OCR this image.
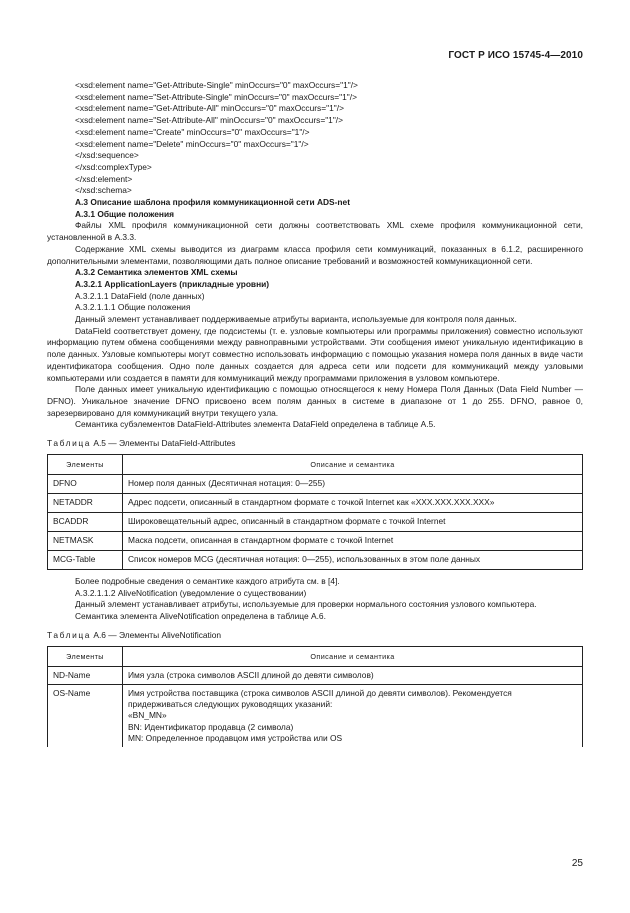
ГОСТ Р ИСО 15745-4—2010
<xsd:element name="Get-Attribute-Single" minOccurs="0" maxOccurs="1"/>
<xsd:element name="Set-Attribute-Single" minOccurs="0" maxOccurs="1"/>
<xsd:element name="Get-Attribute-All" minOccurs="0" maxOccurs="1"/>
<xsd:element name="Set-Attribute-All" minOccurs="0" maxOccurs="1"/>
<xsd:element name="Create" minOccurs="0" maxOccurs="1"/>
<xsd:element name="Delete" minOccurs="0" maxOccurs="1"/>
</xsd:sequence>
</xsd:complexType>
</xsd:element>
</xsd:schema>
А.3 Описание шаблона профиля коммуникационной сети ADS-net
А.3.1 Общие положения
Файлы XML профиля коммуникационной сети должны соответствовать XML схеме профиля коммуникационной сети, установленной в А.3.3.
Содержание XML схемы выводится из диаграмм класса профиля сети коммуникаций, показанных в 6.1.2, расширенного дополнительными элементами, позволяющими дать полное описание требований и возможностей коммуникационной сети.
А.3.2 Семантика элементов XML схемы
А.3.2.1 ApplicationLayers (прикладные уровни)
А.3.2.1.1 DataField (поле данных)
А.3.2.1.1.1 Общие положения
Данный элемент устанавливает поддерживаемые атрибуты варианта, используемые для контроля поля данных.
DataField соответствует домену, где подсистемы (т. е. узловые компьютеры или программы приложения) совместно используют информацию путем обмена сообщениями между равноправными устройствами. Эти сообщения имеют уникальную идентификацию в поле данных. Узловые компьютеры могут совместно использовать информацию с помощью указания номера поля данных в виде части идентификатора сообщения. Одно поле данных создается для адреса сети или подсети для коммуникаций между узловыми компьютерами или создается в памяти для коммуникаций между программами приложения в узловом компьютере.
Поле данных имеет уникальную идентификацию с помощью относящегося к нему Номера Поля Данных (Data Field Number — DFNO). Уникальное значение DFNO присвоено всем полям данных в системе в диапазоне от 1 до 255. DFNO, равное 0, зарезервировано для коммуникаций внутри текущего узла.
Семантика субэлементов DataField-Attributes элемента DataField определена в таблице А.5.
Таблица А.5 — Элементы DataField-Attributes
Элементы	Описание и семантика
DFNO	Номер поля данных (Десятичная нотация: 0—255)
NETADDR	Адрес подсети, описанный в стандартном формате с точкой Internet как «XXX.XXX.XXX.XXX»
BCADDR	Широковещательный адрес, описанный в стандартном формате с точкой Internet
NETMASK	Маска подсети, описанная в стандартном формате с точкой Internet
MCG-Table	Список номеров MCG (десятичная нотация: 0—255), использованных в этом поле данных
Более подробные сведения о семантике каждого атрибута см. в [4].
А.3.2.1.1.2 AliveNotification (уведомление о существовании)
Данный элемент устанавливает атрибуты, используемые для проверки нормального состояния узлового компьютера.
Семантика элемента AliveNotification определена в таблице А.6.
Таблица А.6 — Элементы AliveNotification
Элементы	Описание и семантика
ND-Name	Имя узла (строка символов ASCII длиной до девяти символов)
OS-Name	Имя устройства поставщика (строка символов ASCII длиной до девяти символов). Рекомендуется придерживаться следующих руководящих указаний:
«BN_MN»
BN: Идентификатор продавца (2 символа)
MN: Определенное продавцом имя устройства или OS
25
